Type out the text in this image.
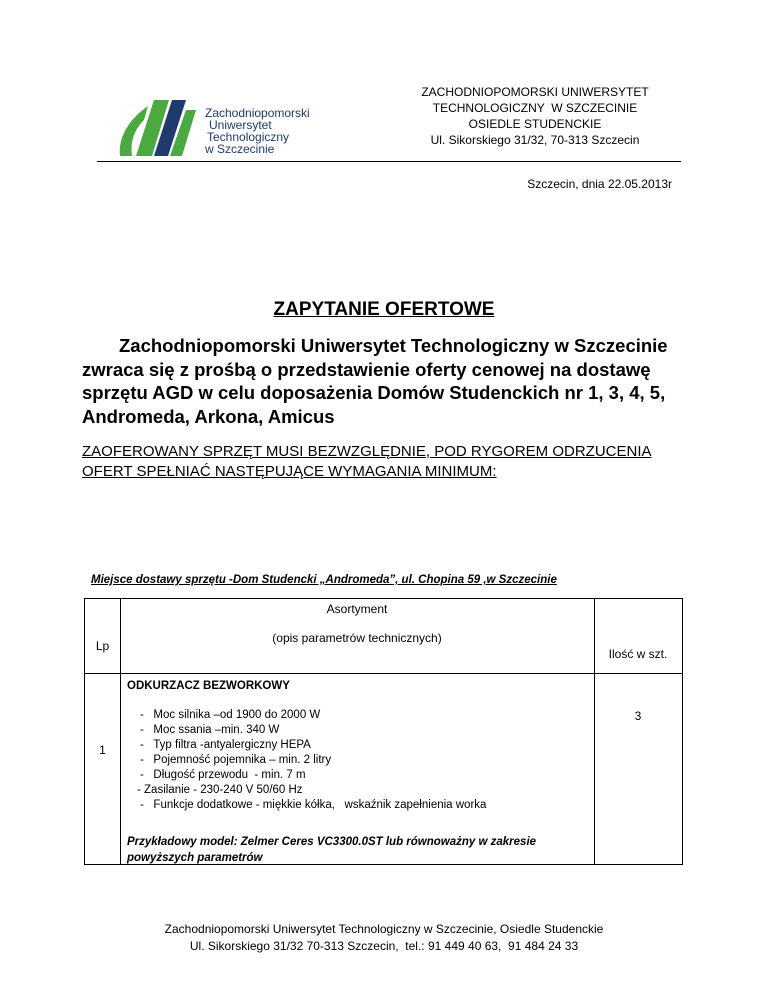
Zachodniopomorski
Uniwersytet
Technologiczny
w Szczecinie
ZACHODNIOPOMORSKI UNIWERSYTET
TECHNOLOGICZNY  W SZCZECINIE
OSIEDLE STUDENCKIE
Ul. Sikorskiego 31/32, 70-313 Szczecin
Szczecin, dnia 22.05.2013r
ZAPYTANIE OFERTOWE
Zachodniopomorski Uniwersytet Technologiczny w Szczecinie zwraca się z prośbą o przedstawienie oferty cenowej na dostawę sprzętu AGD w celu doposażenia Domów Studenckich nr 1, 3, 4, 5, Andromeda, Arkona, Amicus
ZAOFEROWANY SPRZĘT MUSI BEZWZGLĘDNIE, POD RYGOREM ODRZUCENIA OFERT SPEŁNIAĆ NASTĘPUJĄCE WYMAGANIA MINIMUM:
Miejsce dostawy sprzętu -Dom Studencki „Andromeda”, ul. Chopina 59 ,w Szczecinie
Lp
Asortyment
(opis parametrów technicznych)
Ilość w szt.
ODKURZACZ BEZWORKOWY
-   Moc silnika –od 1900 do 2000 W
-   Moc ssania –min. 340 W
-   Typ filtra -antyalergiczny HEPA
-   Pojemność pojemnika – min. 2 litry
-   Długość przewodu  - min. 7 m
- Zasilanie - 230-240 V 50/60 Hz
-   Funkcje dodatkowe - miękkie kółka,   wskaźnik zapełnienia worka
1
3
Przykładowy model: Zelmer Ceres VC3300.0ST lub równoważny w zakresie powyższych parametrów
Zachodniopomorski Uniwersytet Technologiczny w Szczecinie, Osiedle Studenckie
Ul. Sikorskiego 31/32 70-313 Szczecin,  tel.: 91 449 40 63,  91 484 24 33
